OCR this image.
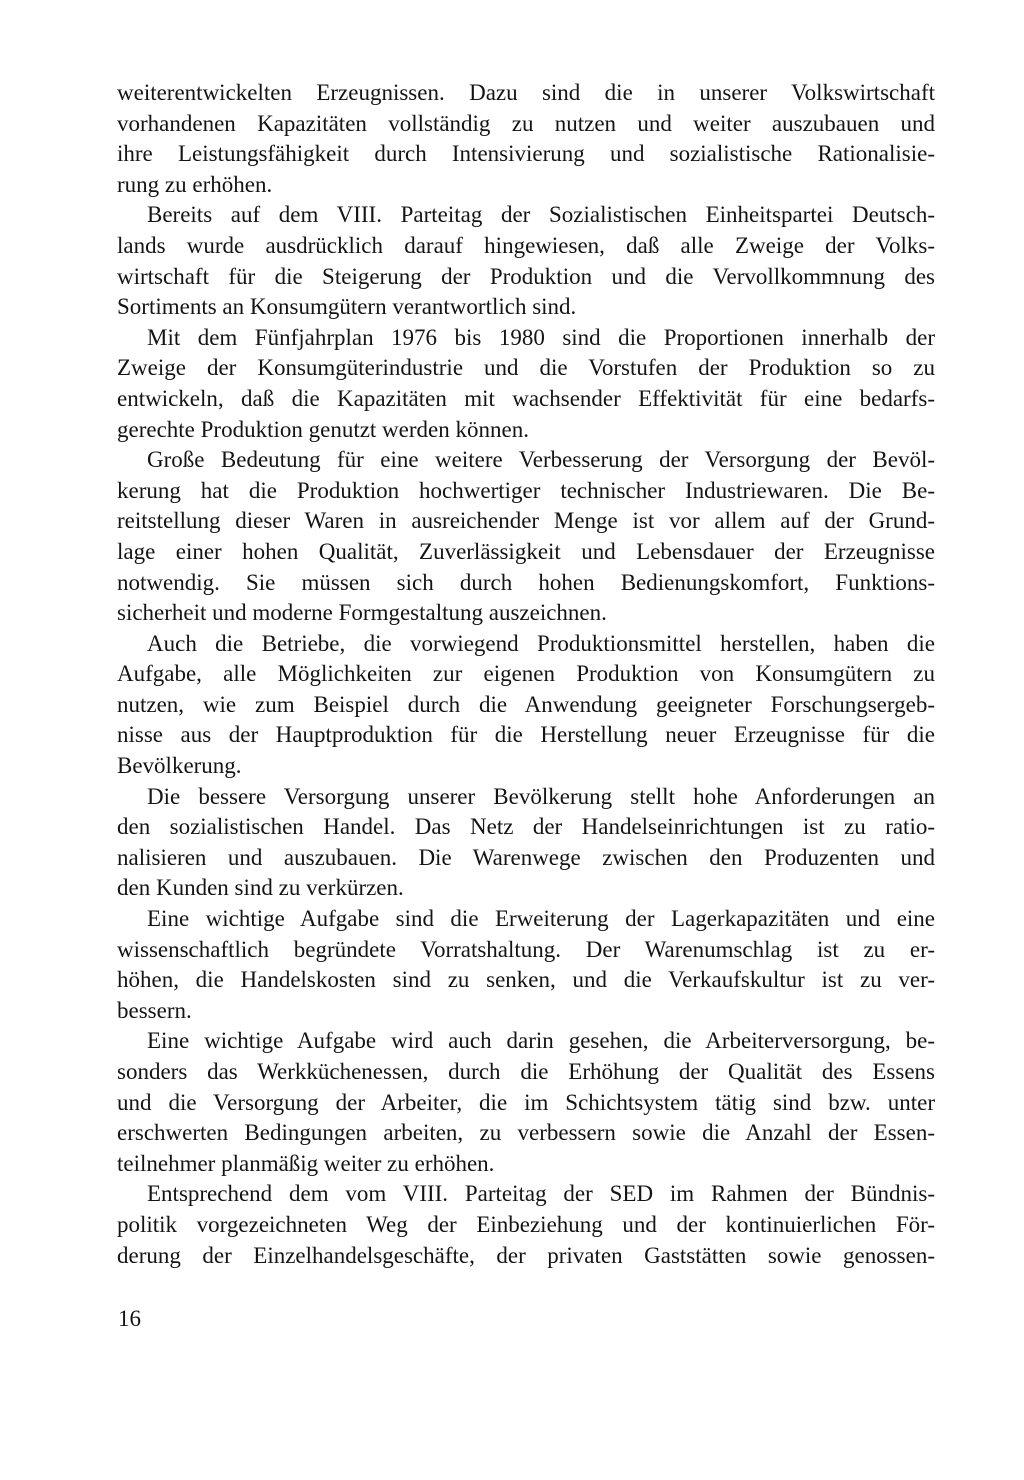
weiterentwickelten Erzeugnissen. Dazu sind die in unserer Volkswirtschaft
vorhandenen Kapazitäten vollständig zu nutzen und weiter auszubauen und
ihre Leistungsfähigkeit durch Intensivierung und sozialistische Rationalisie-
rung zu erhöhen.
Bereits auf dem VIII. Parteitag der Sozialistischen Einheitspartei Deutsch-
lands wurde ausdrücklich darauf hingewiesen, daß alle Zweige der Volks-
wirtschaft für die Steigerung der Produktion und die Vervollkommnung des
Sortiments an Konsumgütern verantwortlich sind.
Mit dem Fünfjahrplan 1976 bis 1980 sind die Proportionen innerhalb der
Zweige der Konsumgüterindustrie und die Vorstufen der Produktion so zu
entwickeln, daß die Kapazitäten mit wachsender Effektivität für eine bedarfs-
gerechte Produktion genutzt werden können.
Große Bedeutung für eine weitere Verbesserung der Versorgung der Bevöl-
kerung hat die Produktion hochwertiger technischer Industriewaren. Die Be-
reitstellung dieser Waren in ausreichender Menge ist vor allem auf der Grund-
lage einer hohen Qualität, Zuverlässigkeit und Lebensdauer der Erzeugnisse
notwendig. Sie müssen sich durch hohen Bedienungskomfort, Funktions-
sicherheit und moderne Formgestaltung auszeichnen.
Auch die Betriebe, die vorwiegend Produktionsmittel herstellen, haben die
Aufgabe, alle Möglichkeiten zur eigenen Produktion von Konsumgütern zu
nutzen, wie zum Beispiel durch die Anwendung geeigneter Forschungsergeb-
nisse aus der Hauptproduktion für die Herstellung neuer Erzeugnisse für die
Bevölkerung.
Die bessere Versorgung unserer Bevölkerung stellt hohe Anforderungen an
den sozialistischen Handel. Das Netz der Handelseinrichtungen ist zu ratio-
nalisieren und auszubauen. Die Warenwege zwischen den Produzenten und
den Kunden sind zu verkürzen.
Eine wichtige Aufgabe sind die Erweiterung der Lagerkapazitäten und eine
wissenschaftlich begründete Vorratshaltung. Der Warenumschlag ist zu er-
höhen, die Handelskosten sind zu senken, und die Verkaufskultur ist zu ver-
bessern.
Eine wichtige Aufgabe wird auch darin gesehen, die Arbeiterversorgung, be-
sonders das Werkküchenessen, durch die Erhöhung der Qualität des Essens
und die Versorgung der Arbeiter, die im Schichtsystem tätig sind bzw. unter
erschwerten Bedingungen arbeiten, zu verbessern sowie die Anzahl der Essen-
teilnehmer planmäßig weiter zu erhöhen.
Entsprechend dem vom VIII. Parteitag der SED im Rahmen der Bündnis-
politik vorgezeichneten Weg der Einbeziehung und der kontinuierlichen För-
derung der Einzelhandelsgeschäfte, der privaten Gaststätten sowie genossen-
16
